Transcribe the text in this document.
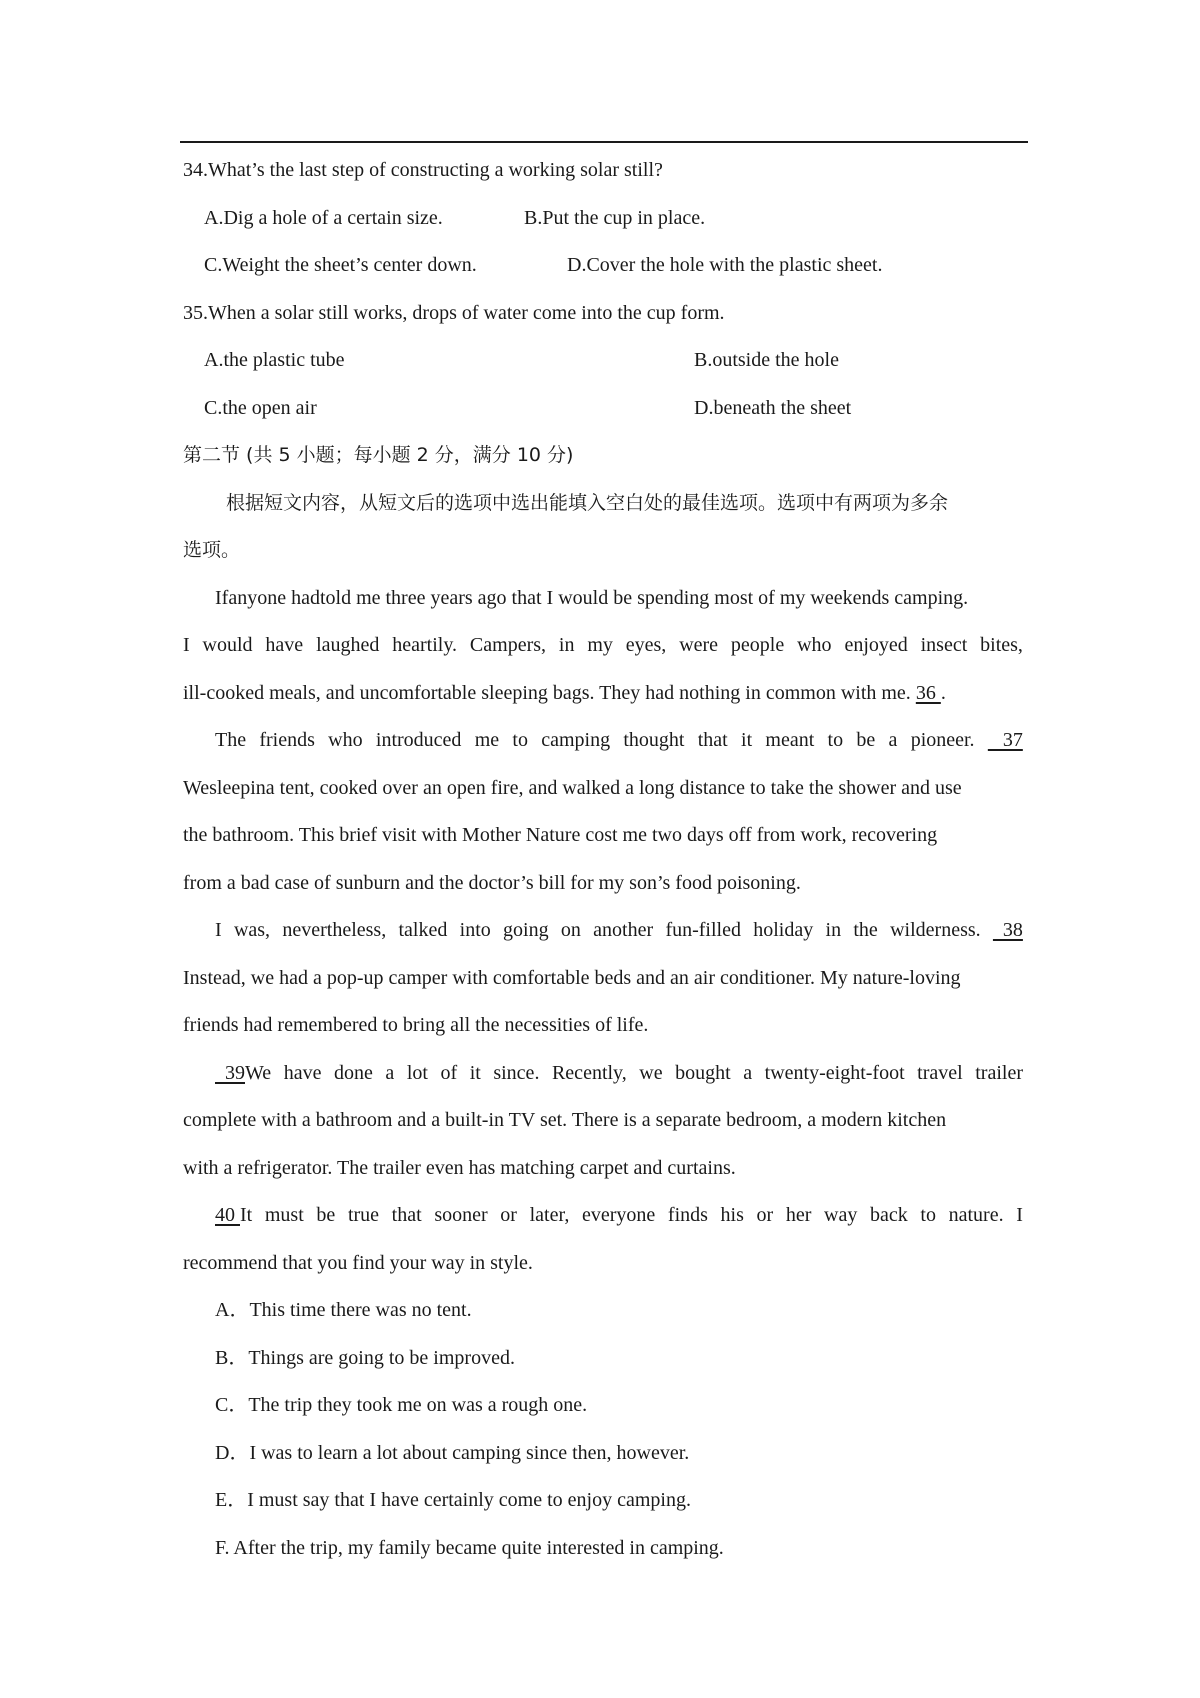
34.What’s the last step of constructing a working solar still?
A.Dig a hole of a certain size.	B.Put the cup in place.
C.Weight the sheet’s center down.	D.Cover the hole with the plastic sheet.
35.When a solar still works, drops of water come into the cup form.
A.the plastic tube	B.outside the hole
C.the open air	D.beneath the sheet
第二节 (共 5 小题；每小题 2 分，满分 10 分)
根据短文内容，从短文后的选项中选出能填入空白处的最佳选项。选项中有两项为多余
选项。
Ifanyone hadtold me three years ago that I would be spending most of my weekends camping.
I would have laughed heartily. Campers, in my eyes, were people who enjoyed insect bites,
ill-cooked meals, and uncomfortable sleeping bags. They had nothing in common with me. 36 .
The friends who introduced me to camping thought that it meant to be a pioneer. 37
Wesleepina tent, cooked over an open fire, and walked a long distance to take the shower and use
the bathroom. This brief visit with Mother Nature cost me two days off from work, recovering
from a bad case of sunburn and the doctor’s bill for my son’s food poisoning.
I was, nevertheless, talked into going on another fun-filled holiday in the wilderness. 38
Instead, we had a pop-up camper with comfortable beds and an air conditioner. My nature-loving
friends had remembered to bring all the necessities of life.
39We have done a lot of it since. Recently, we bought a twenty-eight-foot travel trailer
complete with a bathroom and a built-in TV set. There is a separate bedroom, a modern kitchen
with a refrigerator. The trailer even has matching carpet and curtains.
40 It must be true that sooner or later, everyone finds his or her way back to nature. I
recommend that you find your way in style.
A．This time there was no tent.
B．Things are going to be improved.
C．The trip they took me on was a rough one.
D．I was to learn a lot about camping since then, however.
E．I must say that I have certainly come to enjoy camping.
F. After the trip, my family became quite interested in camping.
